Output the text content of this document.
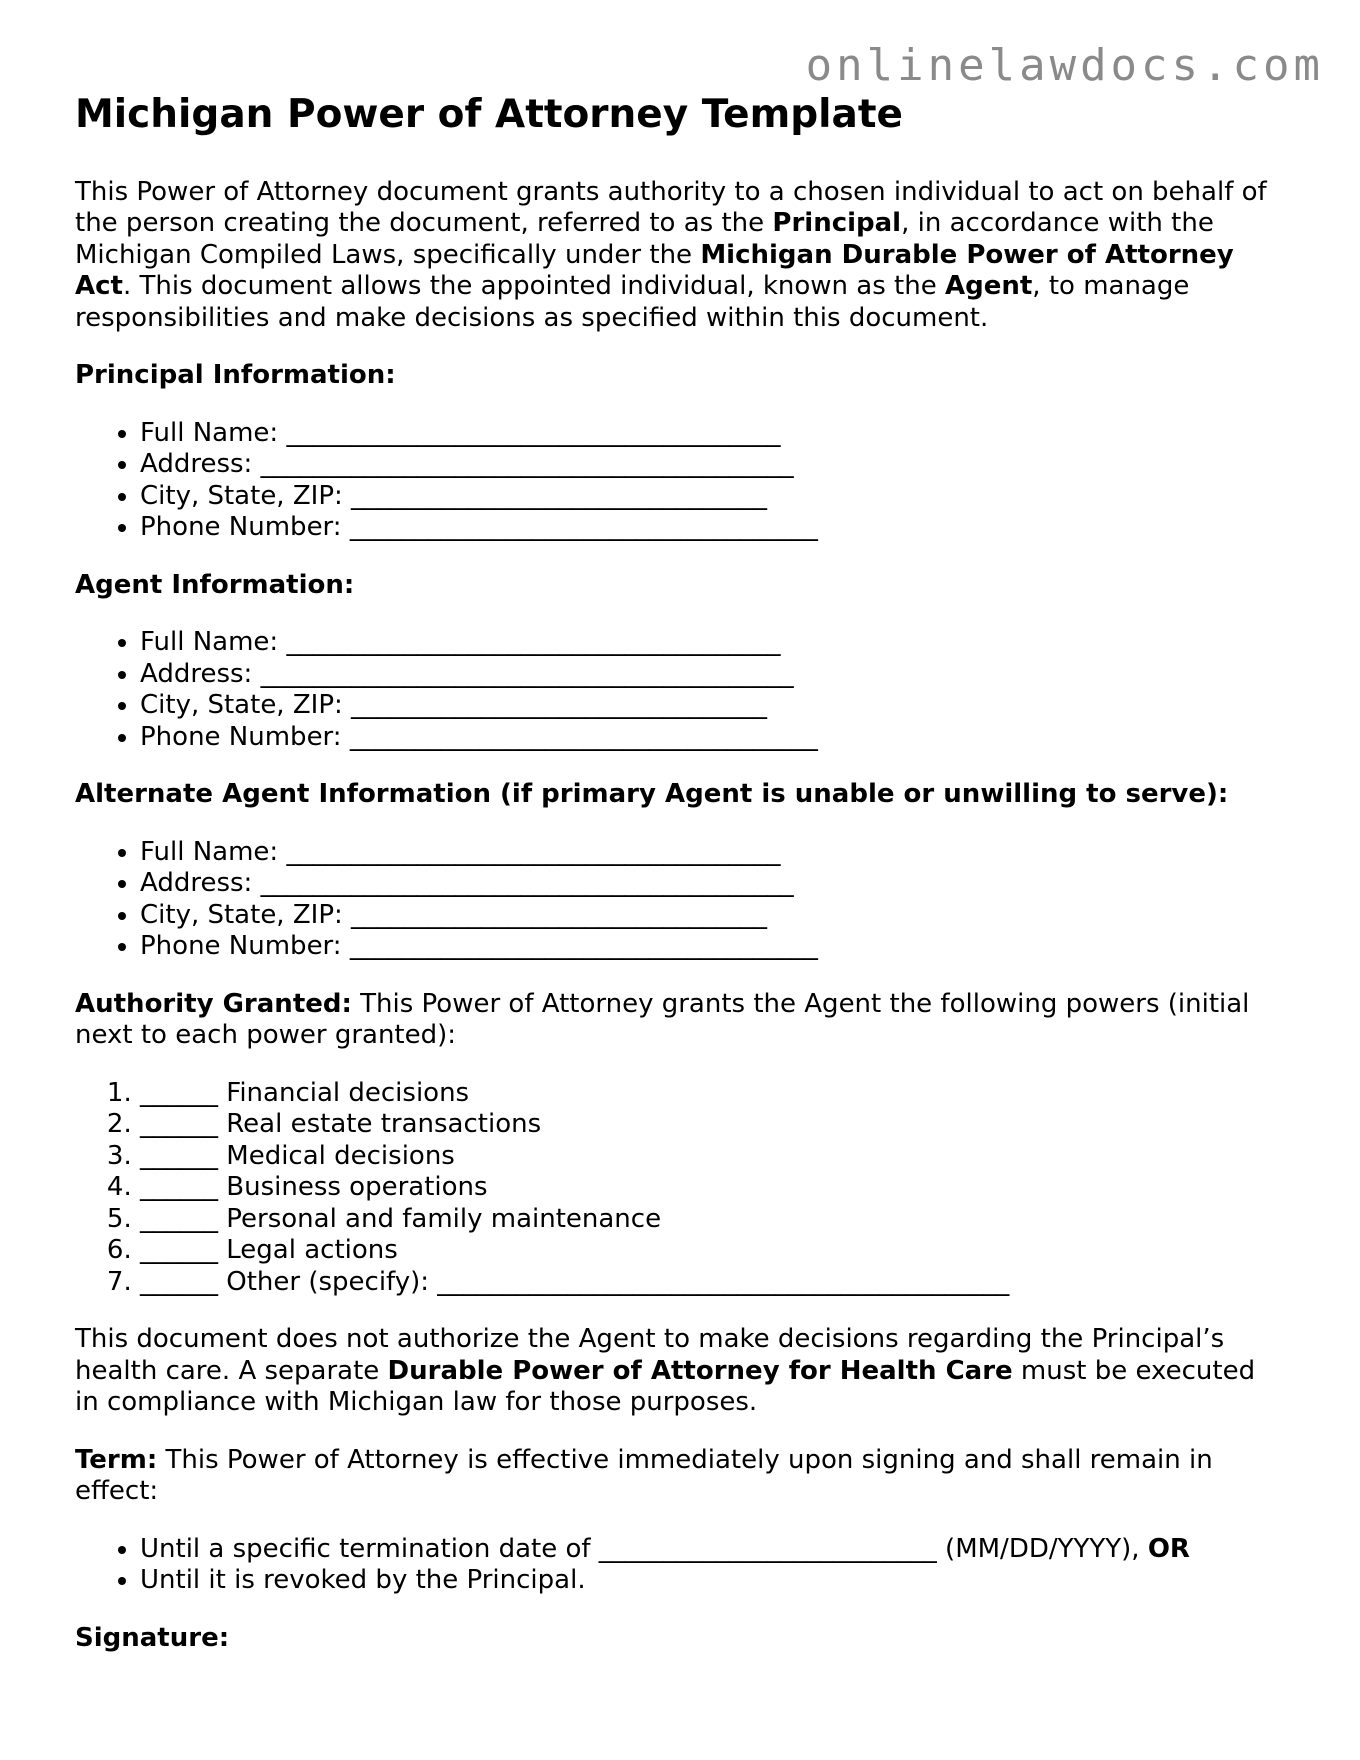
onlinelawdocs.com
Michigan Power of Attorney Template

This Power of Attorney document grants authority to a chosen individual to act on behalf of the person creating the document, referred to as the Principal, in accordance with the Michigan Compiled Laws, specifically under the Michigan Durable Power of Attorney Act. This document allows the appointed individual, known as the Agent, to manage responsibilities and make decisions as specified within this document.

Principal Information:
• Full Name: ______________________________________
• Address: _________________________________________
• City, State, ZIP: ________________________________
• Phone Number: ____________________________________
Agent Information:
• Full Name: ______________________________________
• Address: _________________________________________
• City, State, ZIP: ________________________________
• Phone Number: ____________________________________
Alternate Agent Information (if primary Agent is unable or unwilling to serve):
• Full Name: ______________________________________
• Address: _________________________________________
• City, State, ZIP: ________________________________
• Phone Number: ____________________________________

Authority Granted: This Power of Attorney grants the Agent the following powers (initial next to each power granted):

1. ______ Financial decisions
2. ______ Real estate transactions
3. ______ Medical decisions
4. ______ Business operations
5. ______ Personal and family maintenance
6. ______ Legal actions
7. ______ Other (specify): ____________________________________________

This document does not authorize the Agent to make decisions regarding the Principal’s health care. A separate Durable Power of Attorney for Health Care must be executed in compliance with Michigan law for those purposes.

Term: This Power of Attorney is effective immediately upon signing and shall remain in effect:

• Until a specific termination date of __________________________ (MM/DD/YYYY), OR
• Until it is revoked by the Principal.
Signature:
